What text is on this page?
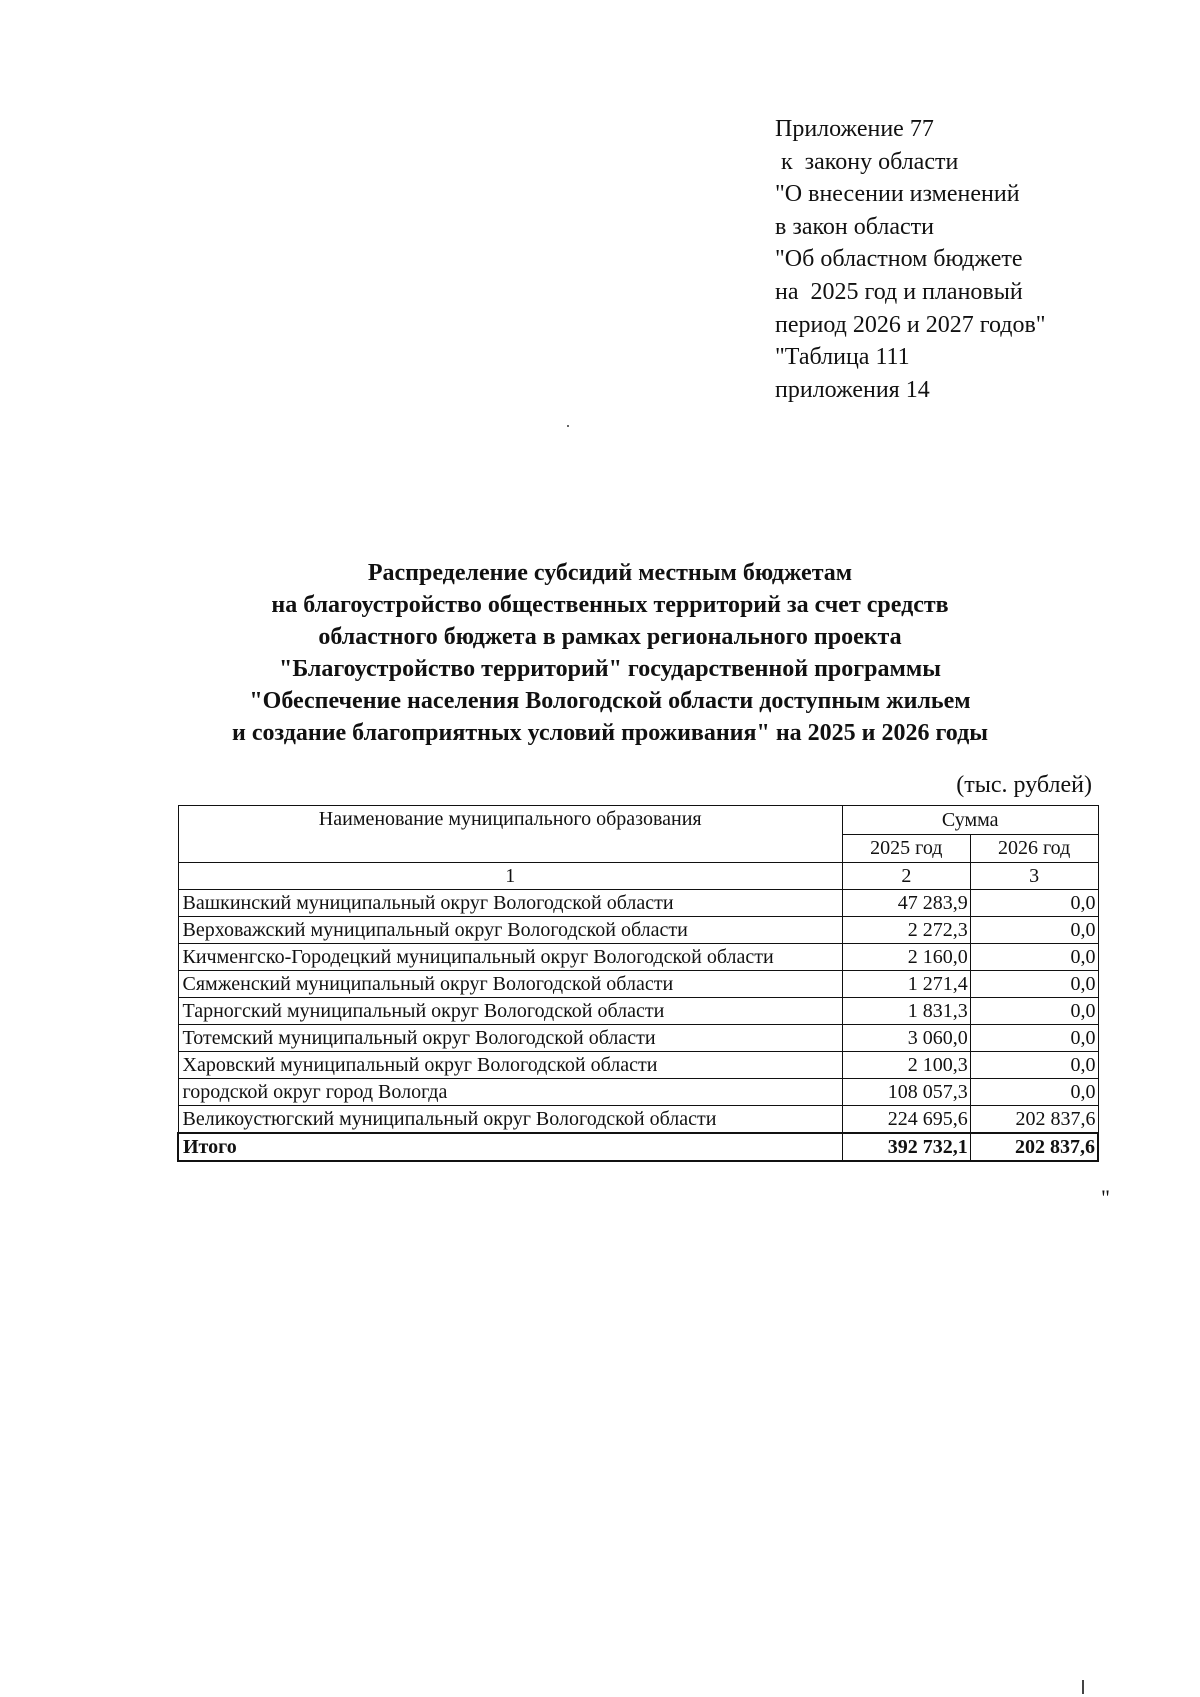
Приложение 77
к  закону области
"О внесении изменений
в закон области
"Об областном бюджете
на  2025 год и плановый
период 2026 и 2027 годов"
"Таблица 111
приложения 14
Распределение субсидий местным бюджетам
на благоустройство общественных территорий за счет средств
областного бюджета в рамках регионального проекта
"Благоустройство территорий" государственной программы
"Обеспечение населения Вологодской области доступным жильем
и создание благоприятных условий проживания" на 2025 и 2026 годы
(тыс. рублей)
Наименование муниципального образования	Сумма	
	2025 год	2026 год
1	2	3
Вашкинский муниципальный округ Вологодской области	47 283,9	0,0
Верховажский муниципальный округ Вологодской области	2 272,3	0,0
Кичменгско-Городецкий муниципальный округ Вологодской области	2 160,0	0,0
Сямженский муниципальный округ Вологодской области	1 271,4	0,0
Тарногский муниципальный округ Вологодской области	1 831,3	0,0
Тотемский муниципальный округ Вологодской области	3 060,0	0,0
Харовский муниципальный округ Вологодской области	2 100,3	0,0
городской округ город Вологда	108 057,3	0,0
Великоустюгский муниципальный округ Вологодской области	224 695,6	202 837,6
Итого	392 732,1	202 837,6
"
